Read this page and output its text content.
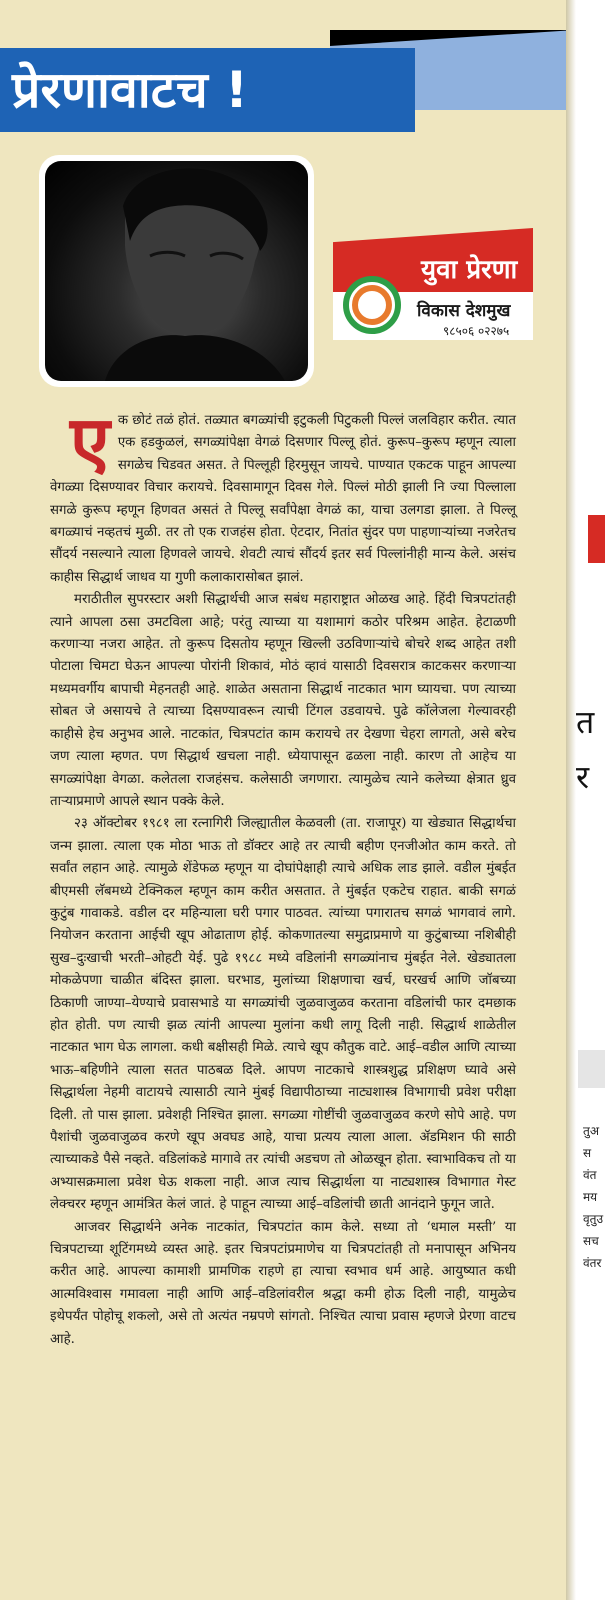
प्रेरणावाटच !
युवा प्रेरणा
विकास देशमुख
९८५०६ ०२२७५

एक छोटं तळं होतं. तळ्यात बगळ्यांची इटुकली पिटुकली पिल्लं जलविहार करीत. त्यात एक हडकुळलं, सगळ्यांपेक्षा वेगळं दिसणार पिल्लू होतं. कुरूप–कुरूप म्हणून त्याला सगळेच चिडवत असत. ते पिल्लूही हिरमुसून जायचे. पाण्यात एकटक पाहून आपल्या वेगळ्या दिसण्यावर विचार करायचे. दिवसामागून दिवस गेले. पिल्लं मोठी झाली नि ज्या पिल्लाला सगळे कुरूप म्हणून हिणवत असतं ते पिल्लू सर्वांपेक्षा वेगळं का, याचा उलगडा झाला. ते पिल्लू बगळ्याचं नव्हतचं मुळी. तर तो एक राजहंस होता. ऐटदार, नितांत सुंदर पण पाहणाऱ्यांच्या नजरेतच सौंदर्य नसल्याने त्याला हिणवले जायचे. शेवटी त्याचं सौंदर्य इतर सर्व पिल्लांनीही मान्य केले. असंच काहीस सिद्धार्थ जाधव या गुणी कलाकारासोबत झालं.

मराठीतील सुपरस्टार अशी सिद्धार्थची आज सबंध महाराष्ट्रात ओळख आहे. हिंदी चित्रपटांतही त्याने आपला ठसा उमटविला आहे; परंतु त्याच्या या यशामागं कठोर परिश्रम आहेत. हेटाळणी करणाऱ्या नजरा आहेत. तो कुरूप दिसतोय म्हणून खिल्ली उठविणाऱ्यांचे बोचरे शब्द आहेत तशी पोटाला चिमटा घेऊन आपल्या पोरांनी शिकावं, मोठं व्हावं यासाठी दिवसरात्र काटकसर करणाऱ्या मध्यमवर्गीय बापाची मेहनतही आहे. शाळेत असताना सिद्धार्थ नाटकात भाग घ्यायचा. पण त्याच्या सोबत जे असायचे ते त्याच्या दिसण्यावरून त्याची टिंगल उडवायचे. पुढे कॉलेजला गेल्यावरही काहीसे हेच अनुभव आले. नाटकांत, चित्रपटांत काम करायचे तर देखणा चेहरा लागतो, असे बरेच जण त्याला म्हणत. पण सिद्धार्थ खचला नाही. ध्येयापासून ढळला नाही. कारण तो आहेच या सगळ्यांपेक्षा वेगळा. कलेतला राजहंसच. कलेसाठी जगणारा. त्यामुळेच त्याने कलेच्या क्षेत्रात ध्रुव ताऱ्याप्रमाणे आपले स्थान पक्के केले.

२३ ऑक्टोबर १९८१ ला रत्नागिरी जिल्ह्यातील केळवली (ता. राजापूर) या खेड्यात सिद्धार्थचा जन्म झाला. त्याला एक मोठा भाऊ तो डॉक्टर आहे तर त्याची बहीण एनजीओत काम करते. तो सर्वांत लहान आहे. त्यामुळे शेंडेफळ म्हणून या दोघांपेक्षाही त्याचे अधिक लाड झाले. वडील मुंबईत बीएमसी लॅबमध्ये टेक्निकल म्हणून काम करीत असतात. ते मुंबईत एकटेच राहात. बाकी सगळं कुटुंब गावाकडे. वडील दर महिन्याला घरी पगार पाठवत. त्यांच्या पगारातच सगळं भागवावं लागे. नियोजन करताना आईची खूप ओढाताण होई. कोकणातल्या समुद्राप्रमाणे या कुटुंबाच्या नशिबीही सुख–दुःखाची भरती–ओहटी येई. पुढे १९८८ मध्ये वडिलांनी सगळ्यांनाच मुंबईत नेले. खेड्यातला मोकळेपणा चाळीत बंदिस्त झाला. घरभाड, मुलांच्या शिक्षणाचा खर्च, घरखर्च आणि जॉबच्या ठिकाणी जाण्या–येण्याचे प्रवासभाडे या सगळ्यांची जुळवाजुळव करताना वडिलांची फार दमछाक होत होती. पण त्याची झळ त्यांनी आपल्या मुलांना कधी लागू दिली नाही. सिद्धार्थ शाळेतील नाटकात भाग घेऊ लागला. कधी बक्षीसही मिळे. त्याचे खूप कौतुक वाटे. आई–वडील आणि त्याच्या भाऊ–बहिणीने त्याला सतत पाठबळ दिले. आपण नाटकाचे शास्त्रशुद्ध प्रशिक्षण घ्यावे असे सिद्धार्थला नेहमी वाटायचे त्यासाठी त्याने मुंबई विद्यापीठाच्या नाट्यशास्त्र विभागाची प्रवेश परीक्षा दिली. तो पास झाला. प्रवेशही निश्चित झाला. सगळ्या गोष्टींची जुळवाजुळव करणे सोपे आहे. पण पैशांची जुळवाजुळव करणे खूप अवघड आहे, याचा प्रत्यय त्याला आला. ॲडमिशन फी साठी त्याच्याकडे पैसे नव्हते. वडिलांकडे मागावे तर त्यांची अडचण तो ओळखून होता. स्वाभाविकच तो या अभ्यासक्रमाला प्रवेश घेऊ शकला नाही. आज त्याच सिद्धार्थला या नाट्यशास्त्र विभागात गेस्ट लेक्चरर म्हणून आमंत्रित केलं जातं. हे पाहून त्याच्या आई–वडिलांची छाती आनंदाने फुगून जाते.

आजवर सिद्धार्थने अनेक नाटकांत, चित्रपटांत काम केले. सध्या तो ‘धमाल मस्ती’ या चित्रपटाच्या शूटिंगमध्ये व्यस्त आहे. इतर चित्रपटांप्रमाणेच या चित्रपटांतही तो मनापासून अभिनय करीत आहे. आपल्या कामाशी प्रामणिक राहणे हा त्याचा स्वभाव धर्म आहे. आयुष्यात कधी आत्मविश्वास गमावला नाही आणि आई–वडिलांवरील श्रद्धा कमी होऊ दिली नाही, यामुळेच इथेपर्यंत पोहोचू शकलो, असे तो अत्यंत नम्रपणे सांगतो. निश्चित त्याचा प्रवास म्हणजे प्रेरणा वाटच आहे.

त
र
तुअसवंतमयवृतुउसचवंतर
